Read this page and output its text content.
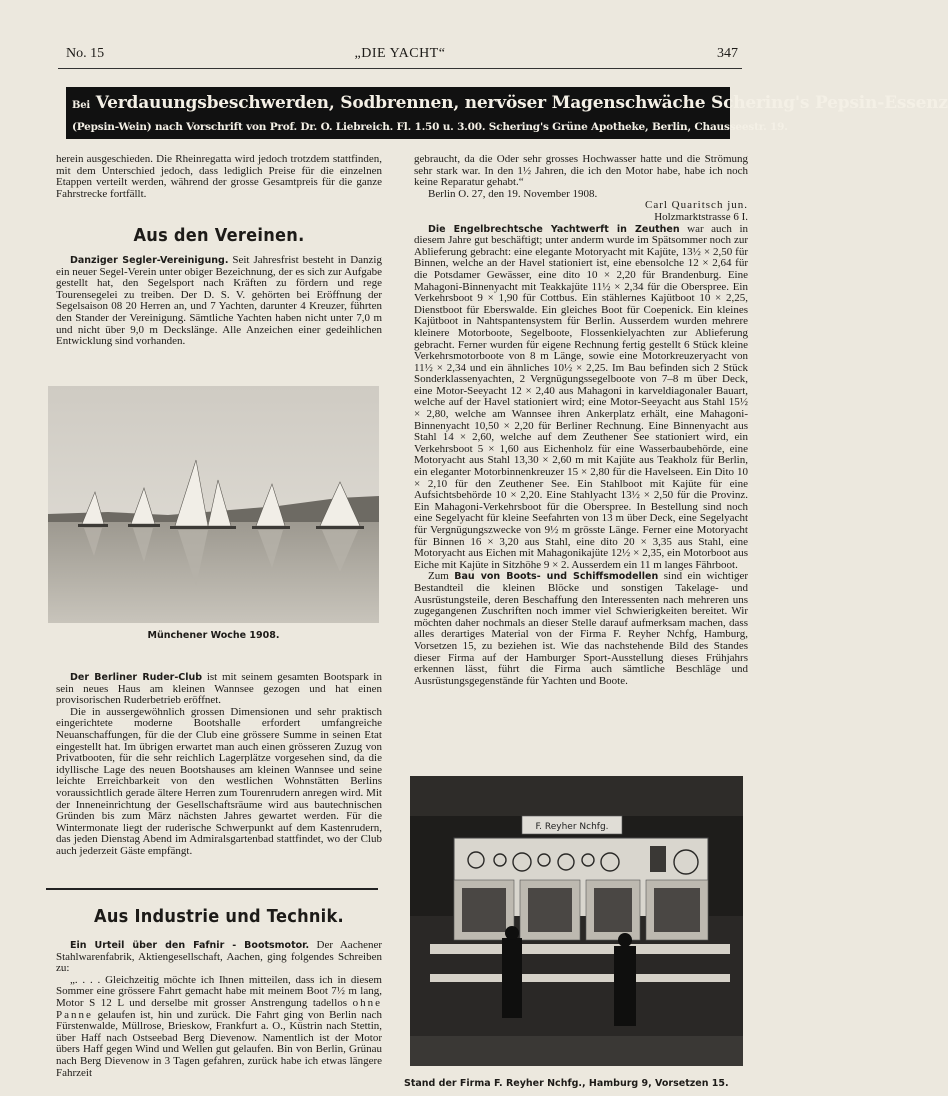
No. 15	„DIE YACHT“	347
Bei Verdauungsbeschwerden, Sodbrennen, nervöser Magenschwäche Schering's Pepsin-Essenz
(Pepsin-Wein) nach Vorschrift von Prof. Dr. O. Liebreich. Fl. 1.50 u. 3.00. Schering's Grüne Apotheke, Berlin, Chausseestr. 19.

herein ausgeschieden. Die Rheinregatta wird jedoch trotzdem stattfinden, mit dem Unterschied jedoch, dass lediglich Preise für die einzelnen Etappen verteilt werden, während der grosse Gesamtpreis für die ganze Fahrstrecke fortfällt.

Aus den Vereinen.

Danziger Segler-Vereinigung. Seit Jahresfrist besteht in Danzig ein neuer Segel-Verein unter obiger Bezeichnung, der es sich zur Aufgabe gestellt hat, den Segelsport nach Kräften zu fördern und rege Tourensegelei zu treiben. Der D. S. V. gehörten bei Eröffnung der Segelsaison 08 20 Herren an, und 7 Yachten, darunter 4 Kreuzer, führten den Stander der Vereinigung. Sämtliche Yachten haben nicht unter 7,0 m und nicht über 9,0 m Deckslänge. Alle Anzeichen einer gedeihlichen Entwicklung sind vorhanden.

Münchener Woche 1908.

Der Berliner Ruder-Club ist mit seinem gesamten Bootspark in sein neues Haus am kleinen Wannsee gezogen und hat einen provisorischen Ruderbetrieb eröffnet.

Die in aussergewöhnlich grossen Dimensionen und sehr praktisch eingerichtete moderne Bootshalle erfordert umfangreiche Neuanschaffungen, für die der Club eine grössere Summe in seinen Etat eingestellt hat. Im übrigen erwartet man auch einen grösseren Zuzug von Privatbooten, für die sehr reichlich Lagerplätze vorgesehen sind, da die idyllische Lage des neuen Bootshauses am kleinen Wannsee und seine leichte Erreichbarkeit von den westlichen Wohnstätten Berlins voraussichtlich gerade ältere Herren zum Tourenrudern anregen wird. Mit der Inneneinrichtung der Gesellschaftsräume wird aus bautechnischen Gründen bis zum März nächsten Jahres gewartet werden. Für die Wintermonate liegt der ruderische Schwerpunkt auf dem Kastenrudern, das jeden Dienstag Abend im Admiralsgartenbad stattfindet, wo der Club auch jederzeit Gäste empfängt.

Aus Industrie und Technik.

Ein Urteil über den Fafnir - Bootsmotor. Der Aachener Stahlwarenfabrik, Aktiengesellschaft, Aachen, ging folgendes Schreiben zu:

„. . . . Gleichzeitig möchte ich Ihnen mitteilen, dass ich in diesem Sommer eine grössere Fahrt gemacht habe mit meinem Boot 7½ m lang, Motor S 12 L und derselbe mit grosser Anstrengung tadellos ohne Panne gelaufen ist, hin und zurück. Die Fahrt ging von Berlin nach Fürstenwalde, Müllrose, Brieskow, Frankfurt a. O., Küstrin nach Stettin, über Haff nach Ostseebad Berg Dievenow. Namentlich ist der Motor übers Haff gegen Wind und Wellen gut gelaufen. Bin von Berlin, Grünau nach Berg Dievenow in 3 Tagen gefahren, zurück habe ich etwas längere Fahrzeit

gebraucht, da die Oder sehr grosses Hochwasser hatte und die Strömung sehr stark war. In den 1½ Jahren, die ich den Motor habe, habe ich noch keine Reparatur gehabt.“

Berlin O. 27, den 19. November 1908.

Carl Quaritsch jun.

Holzmarktstrasse 6 I.

Die Engelbrechtsche Yachtwerft in Zeuthen war auch in diesem Jahre gut beschäftigt; unter anderm wurde im Spätsommer noch zur Ablieferung gebracht: eine elegante Motoryacht mit Kajüte, 13½ × 2,50 für Binnen, welche an der Havel stationiert ist, eine ebensolche 12 × 2,64 für die Potsdamer Gewässer, eine dito 10 × 2,20 für Brandenburg. Eine Mahagoni-Binnenyacht mit Teakkajüte 11½ × 2,34 für die Oberspree. Ein Verkehrsboot 9 × 1,90 für Cottbus. Ein stählernes Kajütboot 10 × 2,25, Dienstboot für Eberswalde. Ein gleiches Boot für Coepenick. Ein kleines Kajütboot in Nahtspantensystem für Berlin. Ausserdem wurden mehrere kleinere Motorboote, Segelboote, Flossenkielyachten zur Ablieferung gebracht. Ferner wurden für eigene Rechnung fertig gestellt 6 Stück kleine Verkehrsmotorboote von 8 m Länge, sowie eine Motorkreuzeryacht von 11½ × 2,34 und ein ähnliches 10½ × 2,25. Im Bau befinden sich 2 Stück Sonderklassenyachten, 2 Vergnügungssegelboote von 7–8 m über Deck, eine Motor-Seeyacht 12 × 2,40 aus Mahagoni in karveldiagonaler Bauart, welche auf der Havel stationiert wird; eine Motor-Seeyacht aus Stahl 15½ × 2,80, welche am Wannsee ihren Ankerplatz erhält, eine Mahagoni-Binnenyacht 10,50 × 2,20 für Berliner Rechnung. Eine Binnenyacht aus Stahl 14 × 2,60, welche auf dem Zeuthener See stationiert wird, ein Verkehrsboot 5 × 1,60 aus Eichenholz für eine Wasserbaubehörde, eine Motoryacht aus Stahl 13,30 × 2,60 m mit Kajüte aus Teakholz für Berlin, ein eleganter Motorbinnenkreuzer 15 × 2,80 für die Havelseen. Ein Dito 10 × 2,10 für den Zeuthener See. Ein Stahlboot mit Kajüte für eine Aufsichtsbehörde 10 × 2,20. Eine Stahlyacht 13½ × 2,50 für die Provinz. Ein Mahagoni-Verkehrsboot für die Oberspree. In Bestellung sind noch eine Segelyacht für kleine Seefahrten von 13 m über Deck, eine Segelyacht für Vergnügungszwecke von 9½ m grösste Länge. Ferner eine Motoryacht für Binnen 16 × 3,20 aus Stahl, eine dito 20 × 3,35 aus Stahl, eine Motoryacht aus Eichen mit Mahagonikajüte 12½ × 2,35, ein Motorboot aus Eiche mit Kajüte in Sitzhöhe 9 × 2. Ausserdem ein 11 m langes Fährboot.

Zum Bau von Boots- und Schiffsmodellen sind ein wichtiger Bestandteil die kleinen Blöcke und sonstigen Takelage- und Ausrüstungsteile, deren Beschaffung den Interessenten nach mehreren uns zugegangenen Zuschriften noch immer viel Schwierigkeiten bereitet. Wir möchten daher nochmals an dieser Stelle darauf aufmerksam machen, dass alles derartiges Material von der Firma F. Reyher Nchfg, Hamburg, Vorsetzen 15, zu beziehen ist. Wie das nachstehende Bild des Standes dieser Firma auf der Hamburger Sport-Ausstellung dieses Frühjahrs erkennen lässt, führt die Firma auch sämtliche Beschläge und Ausrüstungsgegenstände für Yachten und Boote.

F. Reyher Nchfg.
Stand der Firma F. Reyher Nchfg., Hamburg 9, Vorsetzen 15.
